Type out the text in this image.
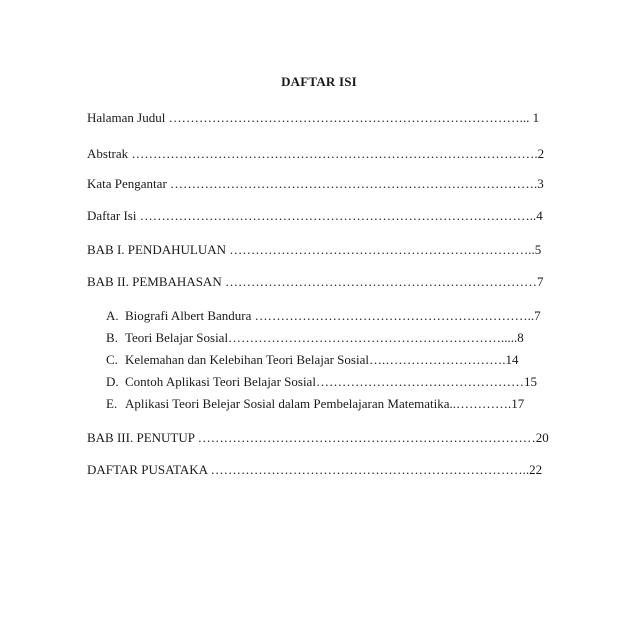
DAFTAR ISI
Halaman Judul ………………………………………………………………………... 1
Abstrak ………………………………………………………………………………….2
Kata Pengantar ………………………………………………………………………….3
Daftar Isi ………………………………………………………………………………..4
BAB I. PENDAHULUAN ……………………………………………………………..5
BAB II. PEMBAHASAN ………………………………………………………………7
A. Biografi Albert Bandura ………………………………………………………..7
B. Teori Belajar Sosial……………………………………………………….....8
C. Kelemahan dan Kelebihan Teori Belajar Sosial….……………………….14
D. Contoh Aplikasi Teori Belajar Sosial…………………………………………15
E. Aplikasi Teori Belejar Sosial dalam Pembelajaran Matematika..………….17
BAB III. PENUTUP ……………………………………………………………………20
DAFTAR PUSATAKA ………………………………………………………………..22
